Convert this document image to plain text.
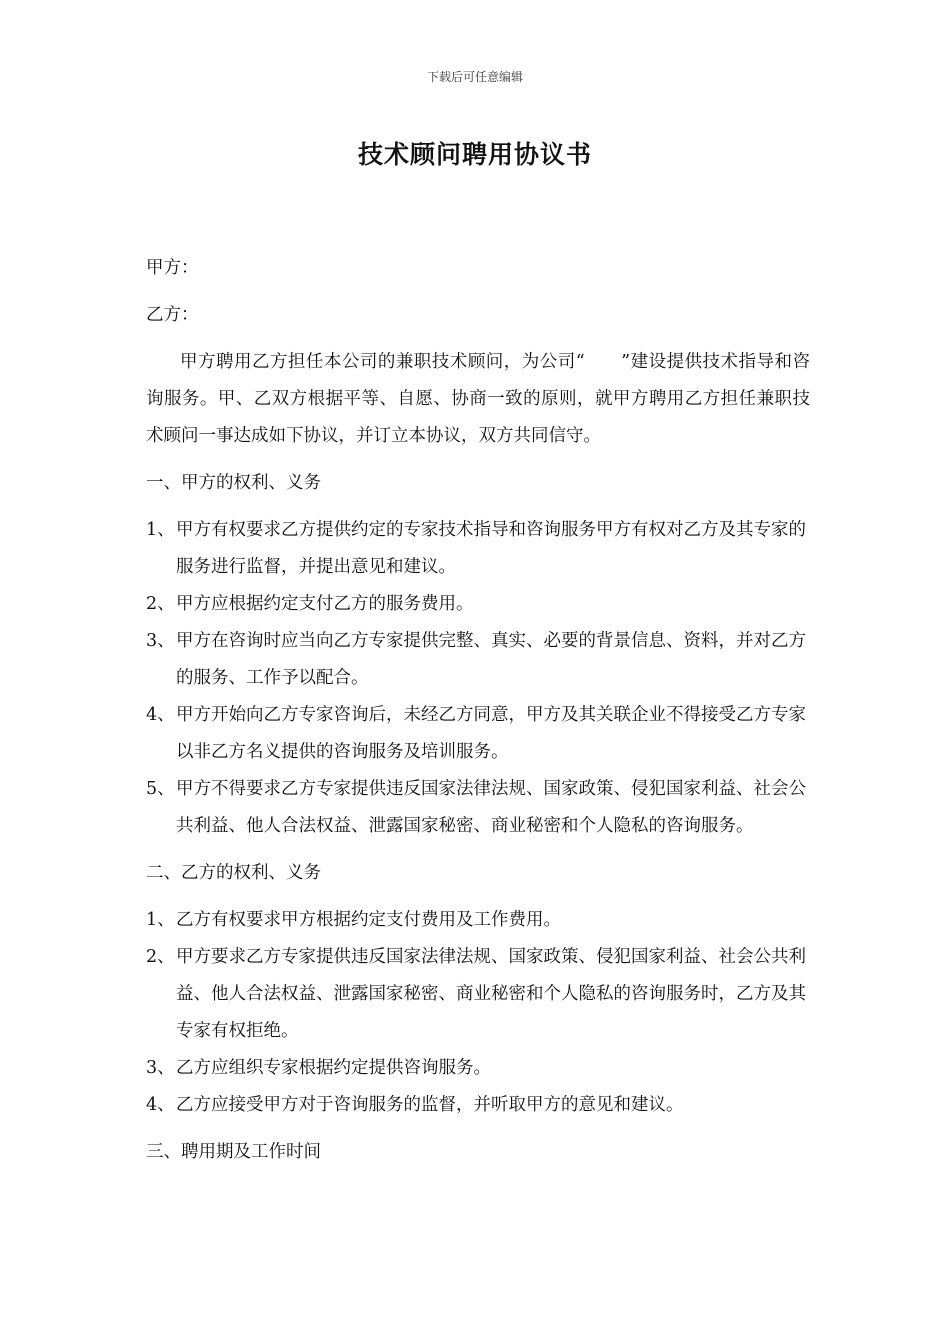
下载后可任意编辑
技术顾问聘用协议书

甲方：

乙方：

甲方聘用乙方担任本公司的兼职技术顾问，为公司“　　”建设提供技术指导和咨询服务。甲、乙双方根据平等、自愿、协商一致的原则，就甲方聘用乙方担任兼职技术顾问一事达成如下协议，并订立本协议，双方共同信守。

一、甲方的权利、义务

1、 甲方有权要求乙方提供约定的专家技术指导和咨询服务甲方有权对乙方及其专家的服务进行监督，并提出意见和建议。

2、 甲方应根据约定支付乙方的服务费用。

3、 甲方在咨询时应当向乙方专家提供完整、真实、必要的背景信息、资料，并对乙方的服务、工作予以配合。

4、 甲方开始向乙方专家咨询后，未经乙方同意，甲方及其关联企业不得接受乙方专家以非乙方名义提供的咨询服务及培训服务。

5、 甲方不得要求乙方专家提供违反国家法律法规、国家政策、侵犯国家利益、社会公共利益、他人合法权益、泄露国家秘密、商业秘密和个人隐私的咨询服务。

二、乙方的权利、义务

1、 乙方有权要求甲方根据约定支付费用及工作费用。

2、 甲方要求乙方专家提供违反国家法律法规、国家政策、侵犯国家利益、社会公共利益、他人合法权益、泄露国家秘密、商业秘密和个人隐私的咨询服务时，乙方及其专家有权拒绝。

3、 乙方应组织专家根据约定提供咨询服务。

4、 乙方应接受甲方对于咨询服务的监督，并听取甲方的意见和建议。

三、聘用期及工作时间
